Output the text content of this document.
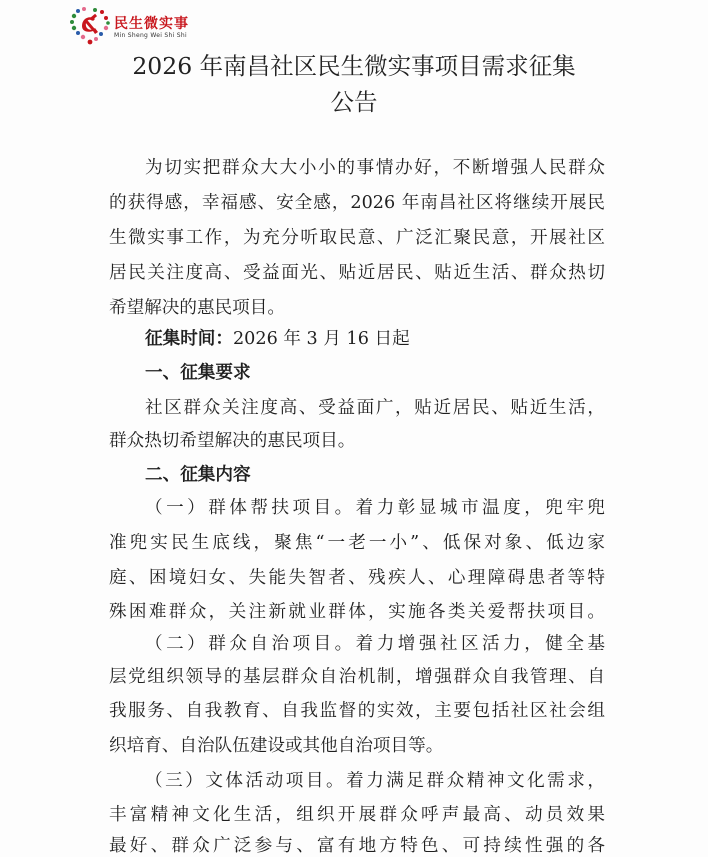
民生微实事
Min Sheng Wei Shi Shi
2026 年南昌社区民生微实事项目需求征集
公告
为切实把群众大大小小的事情办好，不断增强人民群众
的获得感，幸福感、安全感，2026 年南昌社区将继续开展民
生微实事工作，为充分听取民意、广泛汇聚民意，开展社区
居民关注度高、受益面光、贴近居民、贴近生活、群众热切
希望解决的惠民项目。
征集时间：2026 年 3 月 16 日起
一、征集要求
社区群众关注度高、受益面广，贴近居民、贴近生活，
群众热切希望解决的惠民项目。
二、征集内容
（一）群体帮扶项目。着力彰显城市温度，兜牢兜
准兜实民生底线，聚焦“一老一小”、低保对象、低边家
庭、困境妇女、失能失智者、残疾人、心理障碍患者等特
殊困难群众，关注新就业群体，实施各类关爱帮扶项目。
（二）群众自治项目。着力增强社区活力，健全基
层党组织领导的基层群众自治机制，增强群众自我管理、自
我服务、自我教育、自我监督的实效，主要包括社区社会组
织培育、自治队伍建设或其他自治项目等。
（三）文体活动项目。着力满足群众精神文化需求，
丰富精神文化生活，组织开展群众呼声最高、动员效果
最好、群众广泛参与、富有地方特色、可持续性强的各
